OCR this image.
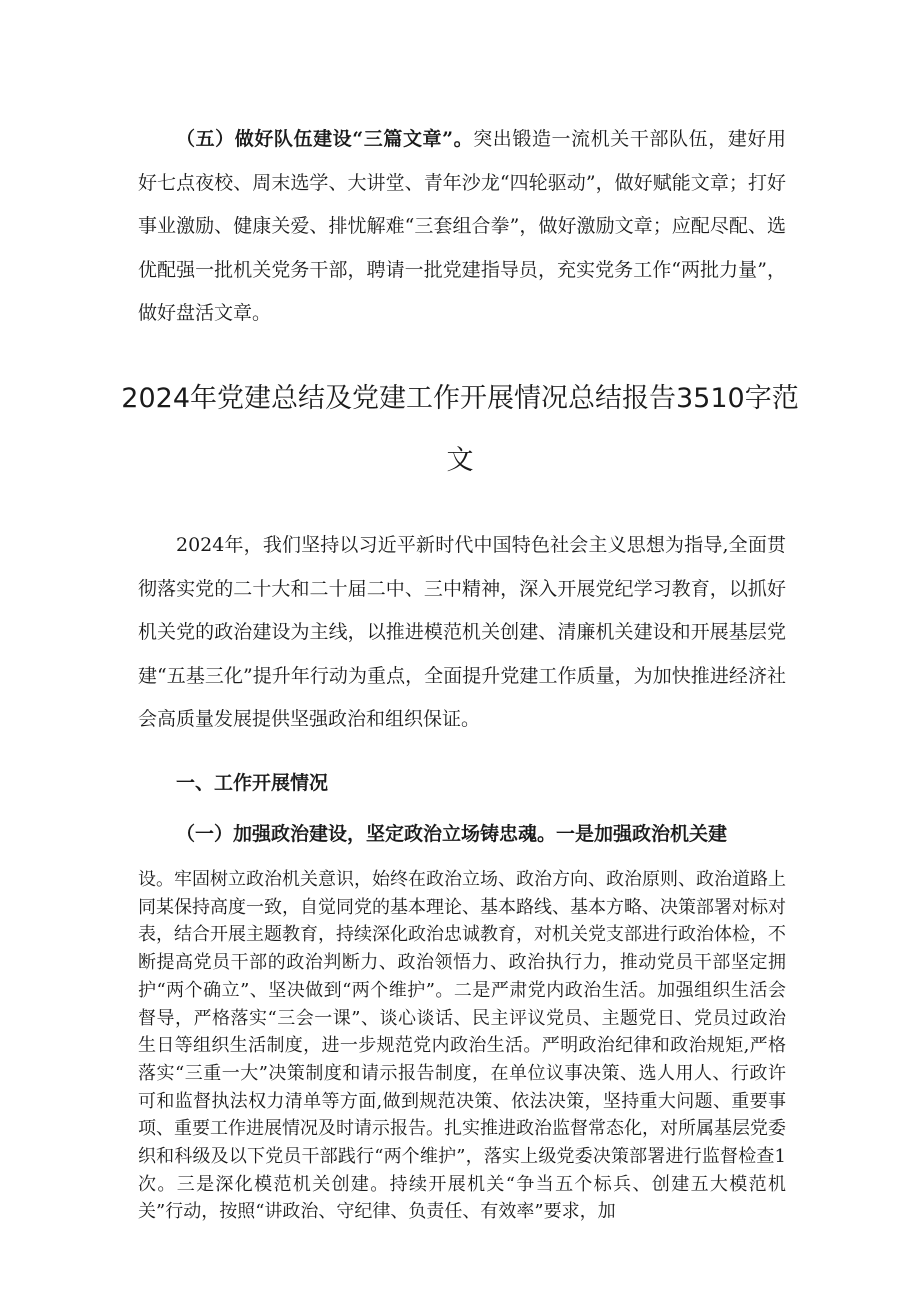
（五）做好队伍建设“三篇文章”。突出锻造一流机关干部队伍，建好用好七点夜校、周末选学、大讲堂、青年沙龙“四轮驱动”，做好赋能文章；打好事业激励、健康关爱、排忧解难“三套组合拳”，做好激励文章；应配尽配、选优配强一批机关党务干部，聘请一批党建指导员，充实党务工作“两批力量”，做好盘活文章。

2024年党建总结及党建工作开展情况总结报告3510字范文

2024年，我们坚持以习近平新时代中国特色社会主义思想为指导,全面贯彻落实党的二十大和二十届二中、三中精神，深入开展党纪学习教育，以抓好机关党的政治建设为主线，以推进模范机关创建、清廉机关建设和开展基层党建“五基三化”提升年行动为重点，全面提升党建工作质量，为加快推进经济社会高质量发展提供坚强政治和组织保证。

一、工作开展情况

（一）加强政治建设，坚定政治立场铸忠魂。一是加强政治机关建

设。牢固树立政治机关意识，始终在政治立场、政治方向、政治原则、政治道路上同某保持高度一致，自觉同党的基本理论、基本路线、基本方略、决策部署对标对表，结合开展主题教育，持续深化政治忠诚教育，对机关党支部进行政治体检，不断提高党员干部的政治判断力、政治领悟力、政治执行力，推动党员干部坚定拥护“两个确立”、坚决做到“两个维护”。二是严肃党内政治生活。加强组织生活会督导，严格落实“三会一课”、谈心谈话、民主评议党员、主题党日、党员过政治生日等组织生活制度，进一步规范党内政治生活。严明政治纪律和政治规矩,严格落实“三重一大”决策制度和请示报告制度，在单位议事决策、选人用人、行政许可和监督执法权力清单等方面,做到规范决策、依法决策，坚持重大问题、重要事项、重要工作进展情况及时请示报告。扎实推进政治监督常态化，对所属基层党委织和科级及以下党员干部践行“两个维护”，落实上级党委决策部署进行监督检查1次。三是深化模范机关创建。持续开展机关“争当五个标兵、创建五大模范机关”行动，按照“讲政治、守纪律、负责任、有效率”要求，加
